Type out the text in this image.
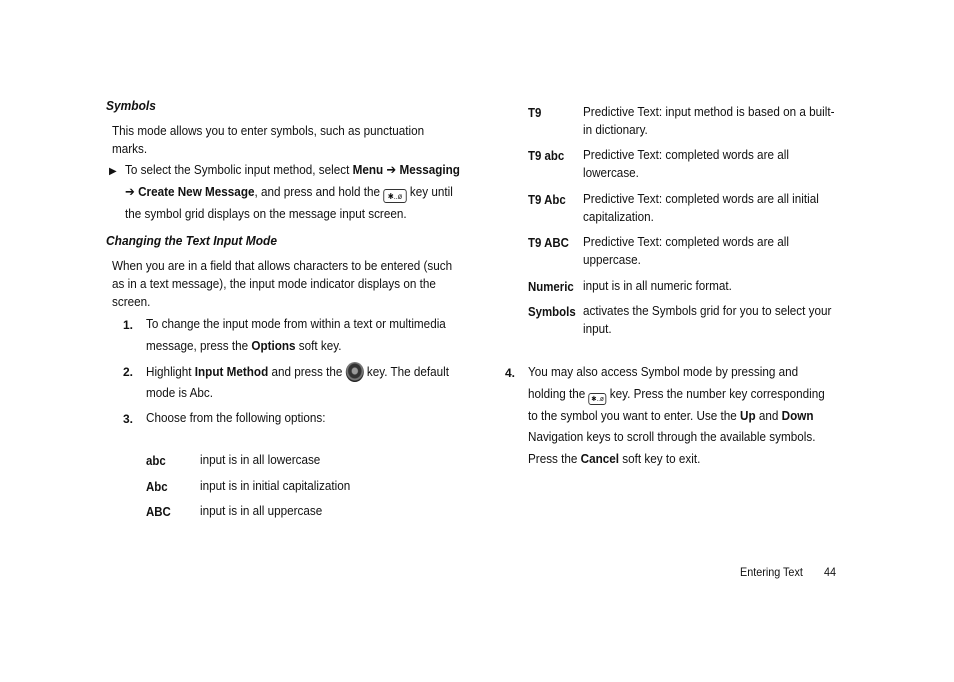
Symbols
This mode allows you to enter symbols, such as punctuation
marks.
▶ To select the Symbolic input method, select Menu ➔ Messaging
➔ Create New Message, and press and hold the ✱..ø key until
the symbol grid displays on the message input screen.
Changing the Text Input Mode
When you are in a field that allows characters to be entered (such
as in a text message), the input mode indicator displays on the
screen.
1. To change the input mode from within a text or multimedia
message, press the Options soft key.
2. Highlight Input Method and press the  key. The default
mode is Abc.
3. Choose from the following options:
abc	input is in all lowercase
Abc input is in initial capitalization
ABC input is in all uppercase
T9	Predictive Text: input method is based on a built-
in dictionary.
T9 abc Predictive Text: completed words are all
lowercase.
T9 Abc Predictive Text: completed words are all initial
capitalization.
T9 ABC Predictive Text: completed words are all
uppercase.
Numeric input is in all numeric format.
Symbols activates the Symbols grid for you to select your
input.
4. You may also access Symbol mode by pressing and
holding the ✱..ø key. Press the number key corresponding
to the symbol you want to enter. Use the Up and Down
Navigation keys to scroll through the available symbols.
Press the Cancel soft key to exit.
Entering Text 44
